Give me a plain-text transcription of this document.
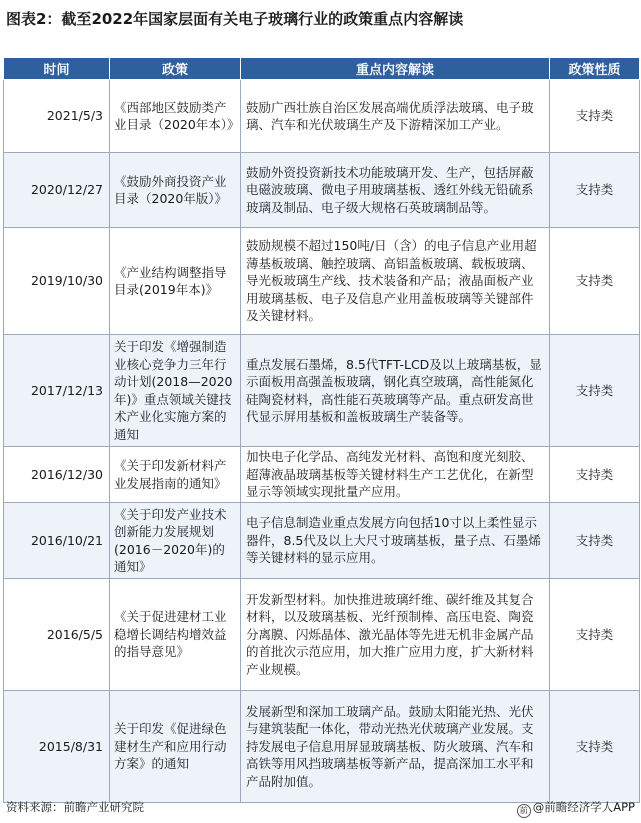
图表2：截至2022年国家层面有关电子玻璃行业的政策重点内容解读
时间	政策	重点内容解读	政策性质
2021/5/3	《西部地区鼓励类产业目录（2020年本）》	鼓励广西壮族自治区发展高端优质浮法玻璃、电子玻璃、汽车和光伏玻璃生产及下游精深加工产业。	支持类
2020/12/27	《鼓励外商投资产业目录（2020年版）》	鼓励外资投资新技术功能玻璃开发、生产，包括屏蔽电磁波玻璃、微电子用玻璃基板、透红外线无铅硫系玻璃及制品、电子级大规格石英玻璃制品等。	支持类
2019/10/30	《产业结构调整指导目录(2019年本)》	鼓励规模不超过150吨/日（含）的电子信息产业用超薄基板玻璃、触控玻璃、高铝盖板玻璃、载板玻璃、导光板玻璃生产线、技术装备和产品；液晶面板产业用玻璃基板、电子及信息产业用盖板玻璃等关键部件及关键材料。	支持类
2017/12/13	关于印发《增强制造业核心竞争力三年行动计划(2018—2020年)》重点领域关键技术产业化实施方案的通知	重点发展石墨烯，8.5代TFT-LCD及以上玻璃基板，显示面板用高强盖板玻璃，钢化真空玻璃，高性能氮化硅陶瓷材料，高性能石英玻璃等产品。重点研发高世代显示屏用基板和盖板玻璃生产装备等。	支持类
2016/12/30	《关于印发新材料产业发展指南的通知》	加快电子化学品、高纯发光材料、高饱和度光刻胶、超薄液晶玻璃基板等关键材料生产工艺优化，在新型显示等领域实现批量产应用。	支持类
2016/10/21	《关于印发产业技术创新能力发展规划(2016－2020年)的通知》	电子信息制造业重点发展方向包括10寸以上柔性显示器件，8.5代及以上大尺寸玻璃基板，量子点、石墨烯等关键材料的显示应用。	支持类
2016/5/5	《关于促进建材工业稳增长调结构增效益的指导意见》	开发新型材料。加快推进玻璃纤维、碳纤维及其复合材料，以及玻璃基板、光纤预制棒、高压电瓷、陶瓷分离膜、闪烁晶体、激光晶体等先进无机非金属产品的首批次示范应用，加大推广应用力度，扩大新材料产业规模。	支持类
2015/8/31	关于印发《促进绿色建材生产和应用行动方案》的通知	发展新型和深加工玻璃产品。鼓励太阳能光热、光伏与建筑装配一体化，带动光热光伏玻璃产业发展。支持发展电子信息用屏显玻璃基板、防火玻璃、汽车和高铁等用风挡玻璃基板等新产品，提高深加工水平和产品附加值。	支持类
资料来源：前瞻产业研究院	前 @前瞻经济学人APP
